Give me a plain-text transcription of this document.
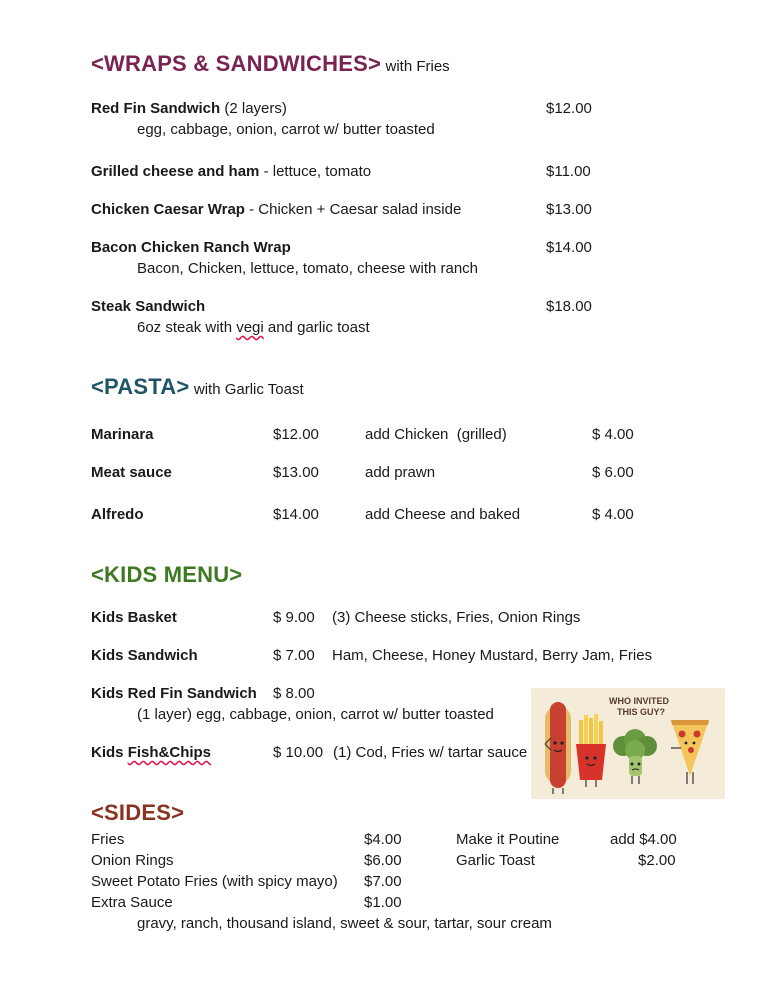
<WRAPS & SANDWICHES> with Fries
Red Fin Sandwich (2 layers)	$12.00
egg, cabbage, onion, carrot w/ butter toasted
Grilled cheese and ham - lettuce, tomato	$11.00
Chicken Caesar Wrap - Chicken + Caesar salad inside	$13.00
Bacon Chicken Ranch Wrap	$14.00
Bacon, Chicken, lettuce, tomato, cheese with ranch
Steak Sandwich	$18.00
6oz steak with vegi and garlic toast
<PASTA> with Garlic Toast
Marinara	$12.00	add Chicken  (grilled)	$ 4.00
Meat sauce	$13.00	add prawn	$ 6.00
Alfredo	$14.00	add Cheese and baked	$ 4.00
<KIDS MENU>
Kids Basket	$ 9.00 (3) Cheese sticks, Fries, Onion Rings
Kids Sandwich	$ 7.00 Ham, Cheese, Honey Mustard, Berry Jam, Fries
Kids Red Fin Sandwich $ 8.00
(1 layer) egg, cabbage, onion, carrot w/ butter toasted
Kids Fish&Chips	$ 10.00 (1) Cod, Fries w/ tartar sauce
WHO INVITED THIS GUY?
<SIDES>
Fries	$4.00	Make it Poutine	add $4.00
Onion Rings	$6.00	Garlic Toast	$2.00
Sweet Potato Fries (with spicy mayo) $7.00
Extra Sauce	$1.00
gravy, ranch, thousand island, sweet & sour, tartar, sour cream
